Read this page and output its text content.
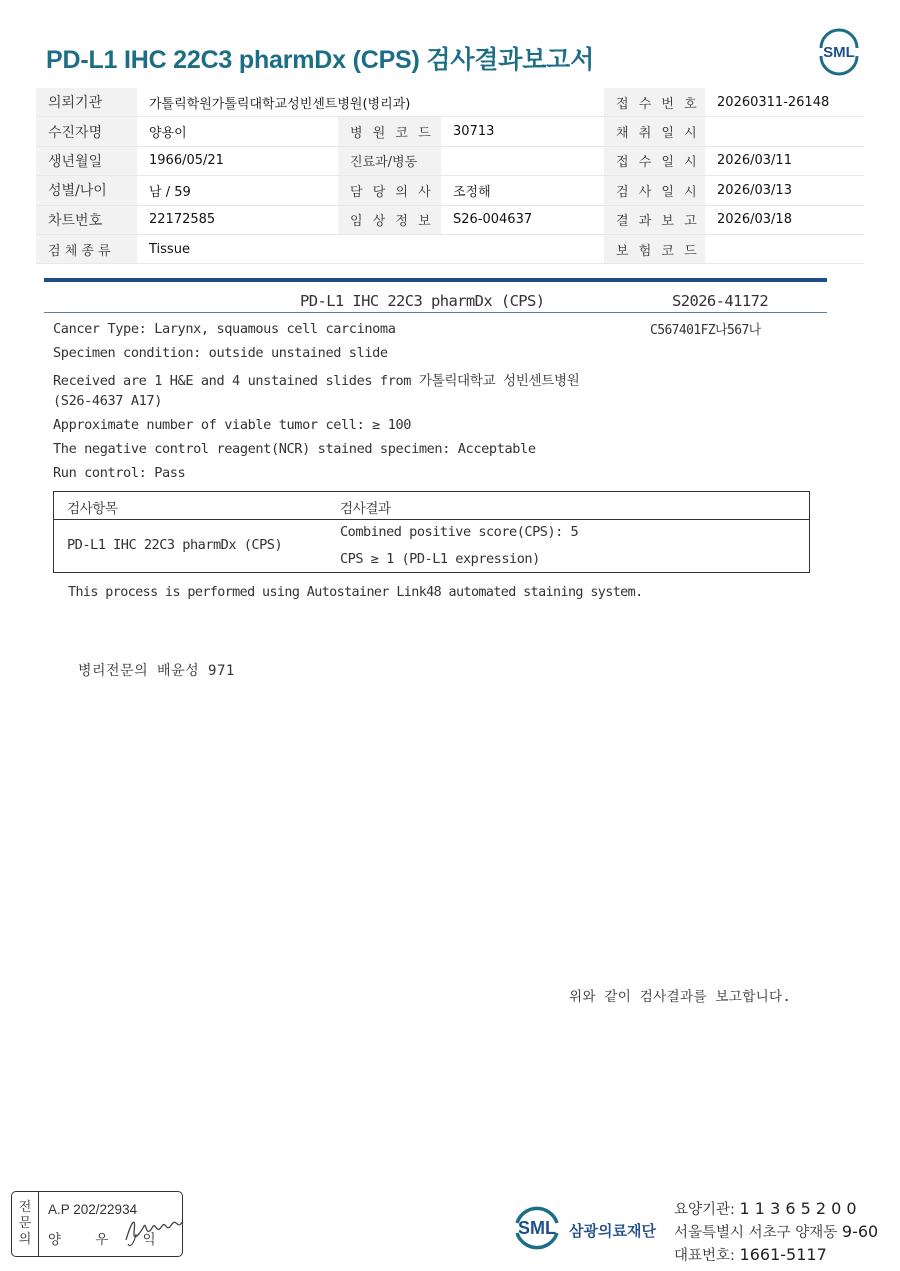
PD-L1 IHC 22C3 pharmDx (CPS) 검사결과보고서	SML
의뢰기관	가톨릭학원가톨릭대학교성빈센트병원(병리과)			접 수 번 호	20260311-26148
수진자명	양용이	병 원 코 드	30713	채 취 일 시	
생년월일	1966/05/21	진료과/병동		접 수 일 시	2026/03/11
성별/나이	남 / 59	담 당 의 사	조정해	검 사 일 시	2026/03/13
차트번호	22172585	임 상 정 보	S26-004637	결 과 보 고	2026/03/18
검 체 종 류	Tissue			보 험 코 드	
PD-L1 IHC 22C3 pharmDx (CPS)	S2026-41172
C567401FZ나567나
Cancer Type: Larynx, squamous cell carcinoma
Specimen condition: outside unstained slide
Received are 1 H&E and 4 unstained slides from 가톨릭대학교 성빈센트병원
(S26-4637 A17)
Approximate number of viable tumor cell: ≥ 100
The negative control reagent(NCR) stained specimen: Acceptable
Run control: Pass
검사항목	검사결과
PD-L1 IHC 22C3 pharmDx (CPS)
Combined positive score(CPS): 5
CPS ≥ 1 (PD-L1 expression)
This process is performed using Autostainer Link48 automated staining system.
병리전문의 배윤성 971
위와 같이 검사결과를 보고합니다.
전
문
의
A.P 202/22934
양 우 익
SML 삼광의료재단
요양기관: 1 1 3 6 5 2 0 0
서울특별시 서초구 양재동 9-60
대표번호: 1661-5117
